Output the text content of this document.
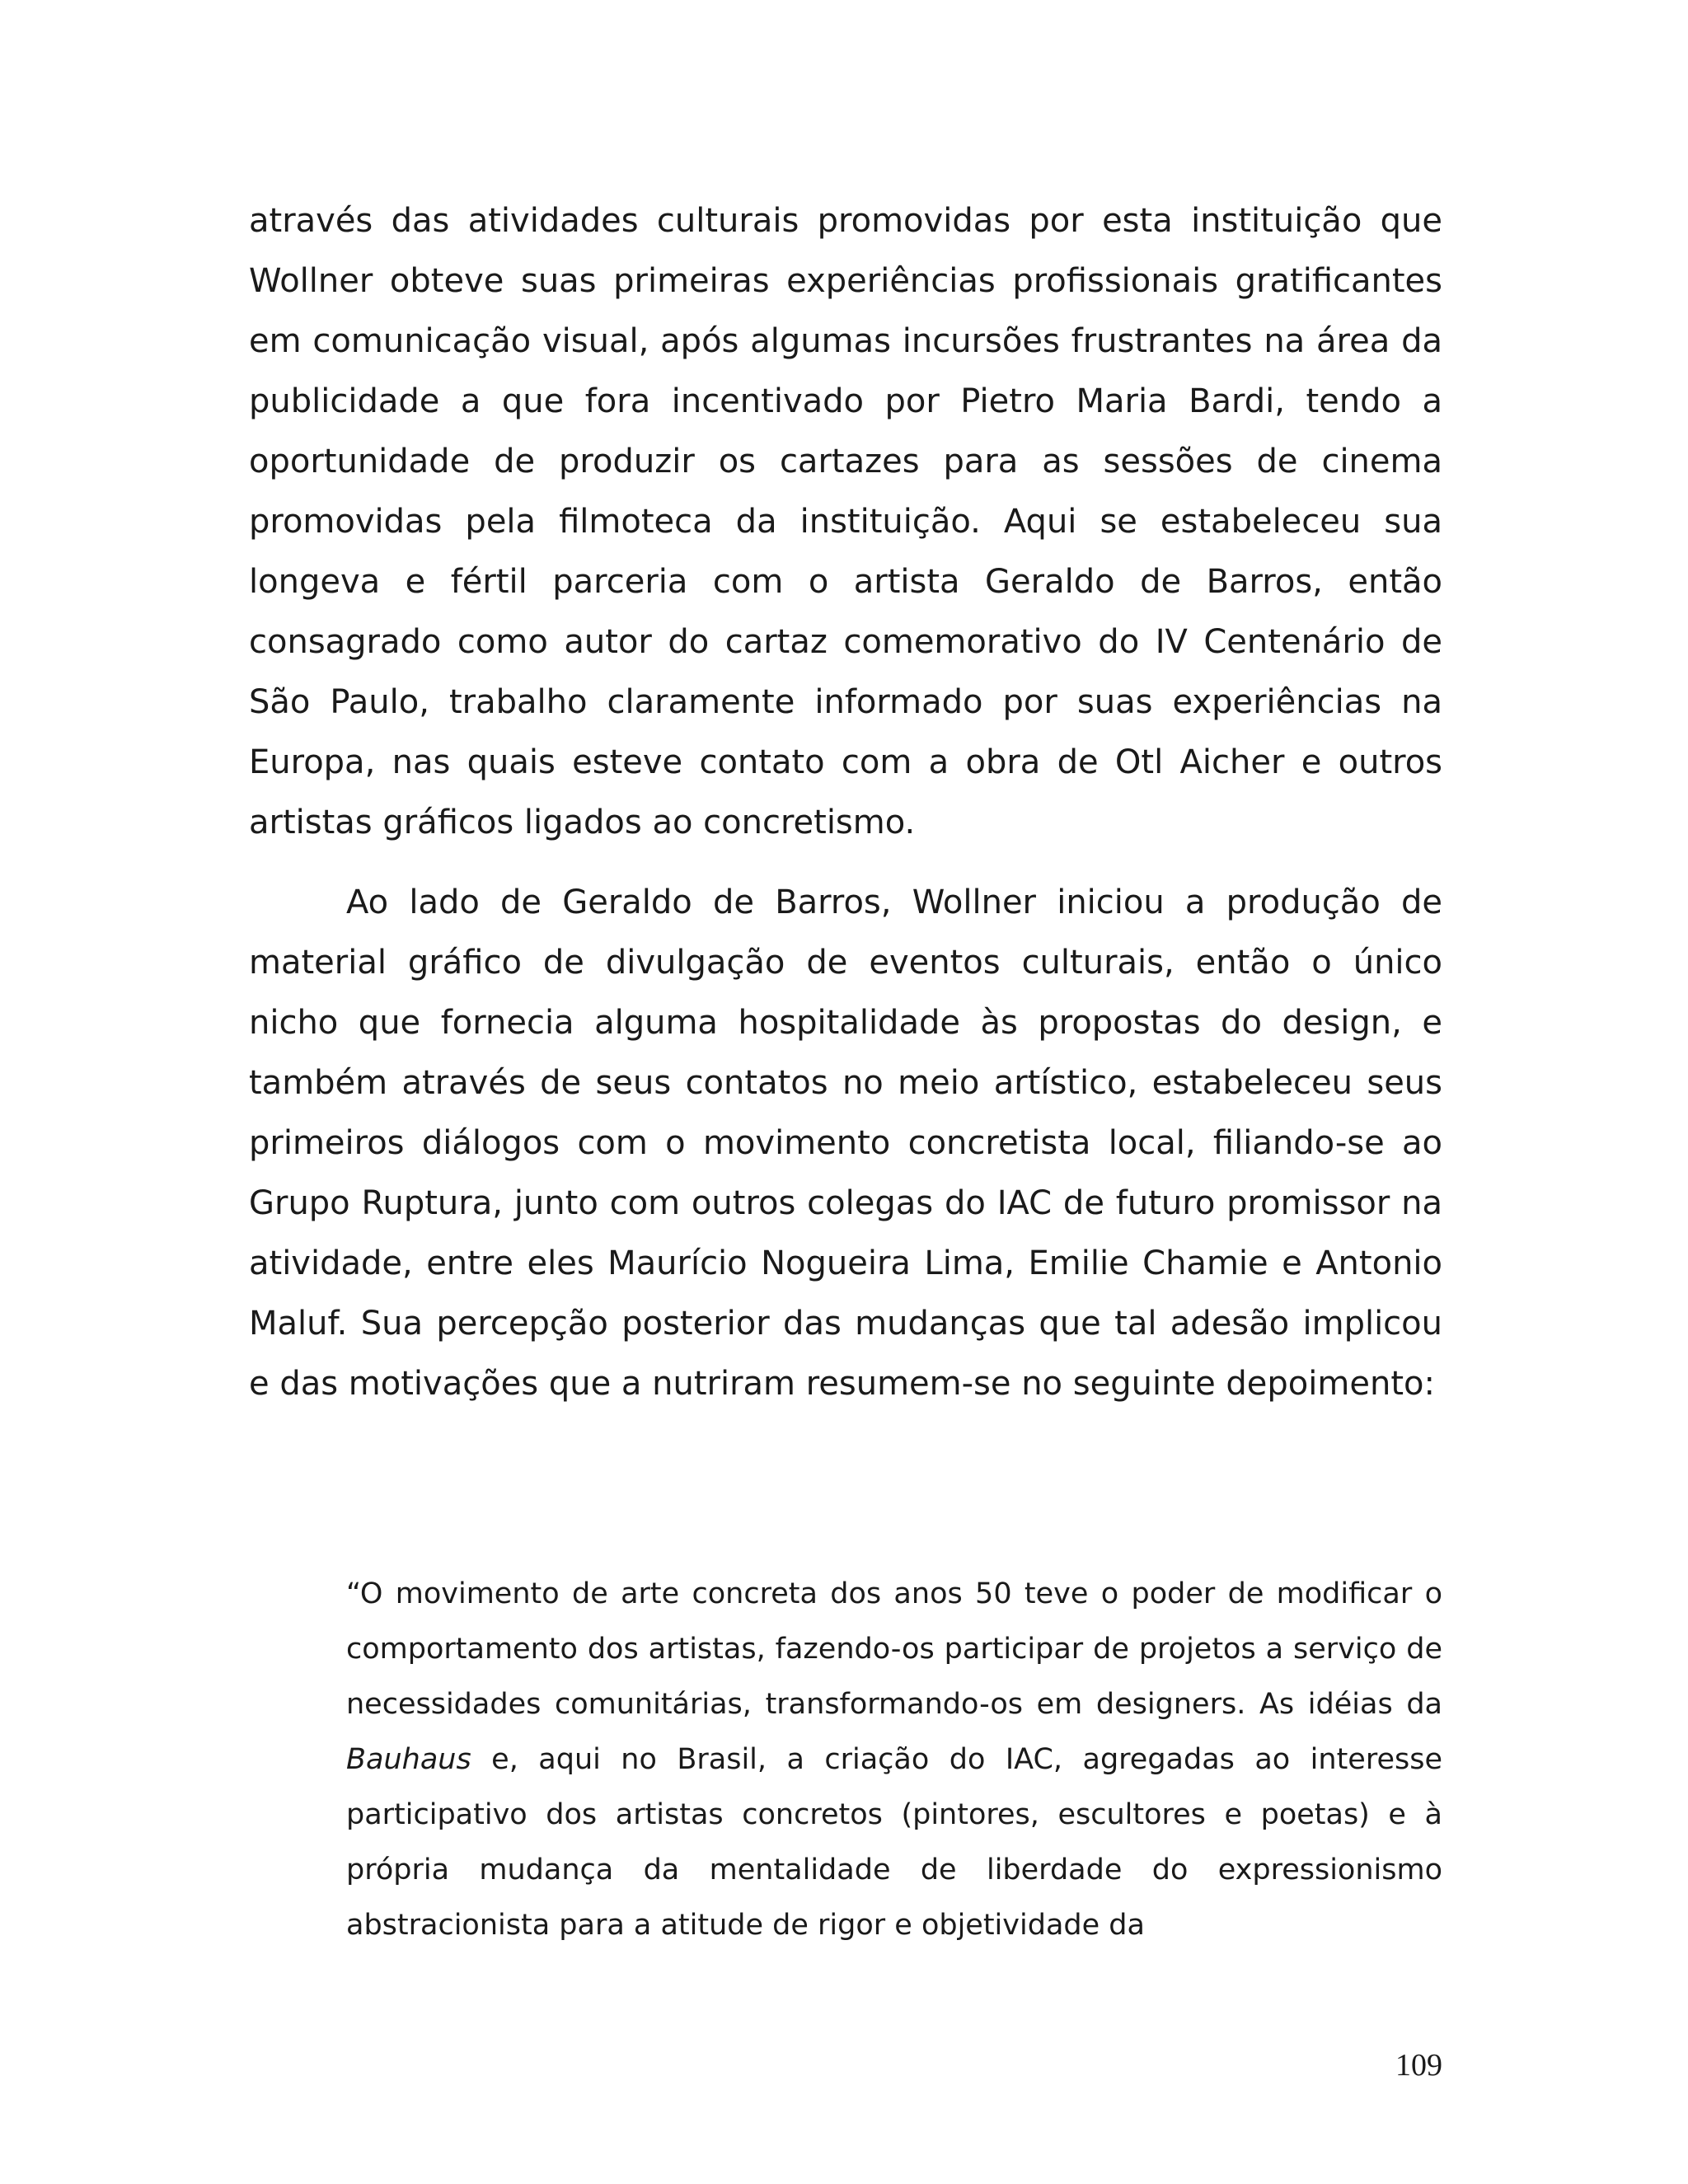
através das atividades culturais promovidas por esta instituição que Wollner obteve suas primeiras experiências profissionais gratificantes em comunicação visual, após algumas incursões frustrantes na área da publicidade a que fora incentivado por Pietro Maria Bardi, tendo a oportunidade de produzir os cartazes para as sessões de cinema promovidas pela filmoteca da instituição. Aqui se estabeleceu sua longeva e fértil parceria com o artista Geraldo de Barros, então consagrado como autor do cartaz comemorativo do IV Centenário de São Paulo, trabalho claramente informado por suas experiências na Europa, nas quais esteve contato com a obra de Otl Aicher e outros artistas gráficos ligados ao concretismo.

Ao lado de Geraldo de Barros, Wollner iniciou a produção de material gráfico de divulgação de eventos culturais, então o único nicho que fornecia alguma hospitalidade às propostas do design, e também através de seus contatos no meio artístico, estabeleceu seus primeiros diálogos com o movimento concretista local, filiando-se ao Grupo Ruptura, junto com outros colegas do IAC de futuro promissor na atividade, entre eles Maurício Nogueira Lima, Emilie Chamie e Antonio Maluf. Sua percepção posterior das mudanças que tal adesão implicou e das motivações que a nutriram resumem-se no seguinte depoimento:

“O movimento de arte concreta dos anos 50 teve o poder de modificar o comportamento dos artistas, fazendo-os participar de projetos a serviço de necessidades comunitárias, transformando-os em designers. As idéias da Bauhaus e, aqui no Brasil, a criação do IAC, agregadas ao interesse participativo dos artistas concretos (pintores, escultores e poetas) e à própria mudança da mentalidade de liberdade do expressionismo abstracionista para a atitude de rigor e objetividade da

109
